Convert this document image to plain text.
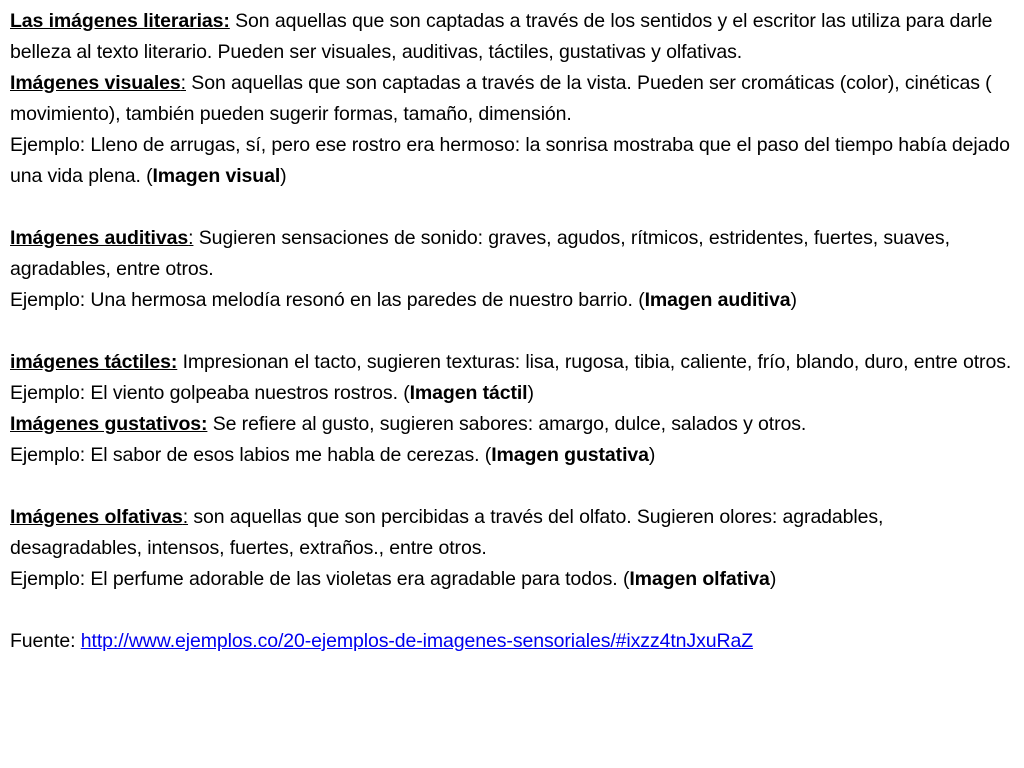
Las imágenes literarias: Son aquellas que son captadas a través de los sentidos y el escritor las utiliza para darle belleza al texto literario. Pueden ser visuales, auditivas, táctiles, gustativas y olfativas.

Imágenes visuales: Son aquellas que son captadas a través de la vista. Pueden ser cromáticas (color), cinéticas ( movimiento), también pueden sugerir formas, tamaño, dimensión.

Ejemplo: Lleno de arrugas, sí, pero ese rostro era hermoso: la sonrisa mostraba que el paso del tiempo había dejado una vida plena. (Imagen visual)

Imágenes auditivas: Sugieren sensaciones de sonido: graves, agudos, rítmicos, estridentes, fuertes, suaves, agradables, entre otros.

Ejemplo: Una hermosa melodía resonó en las paredes de nuestro barrio. (Imagen auditiva)

imágenes táctiles: Impresionan el tacto, sugieren texturas: lisa, rugosa, tibia, caliente, frío, blando, duro, entre otros.

Ejemplo: El viento golpeaba nuestros rostros. (Imagen táctil)

Imágenes gustativos: Se refiere al gusto, sugieren sabores: amargo, dulce, salados y otros.

Ejemplo: El sabor de esos labios me habla de cerezas. (Imagen gustativa)

Imágenes olfativas: son aquellas que son percibidas a través del olfato. Sugieren olores: agradables, desagradables, intensos, fuertes, extraños., entre otros.

Ejemplo: El perfume adorable de las violetas era agradable para todos. (Imagen olfativa)

Fuente: http://www.ejemplos.co/20-ejemplos-de-imagenes-sensoriales/#ixzz4tnJxuRaZ
